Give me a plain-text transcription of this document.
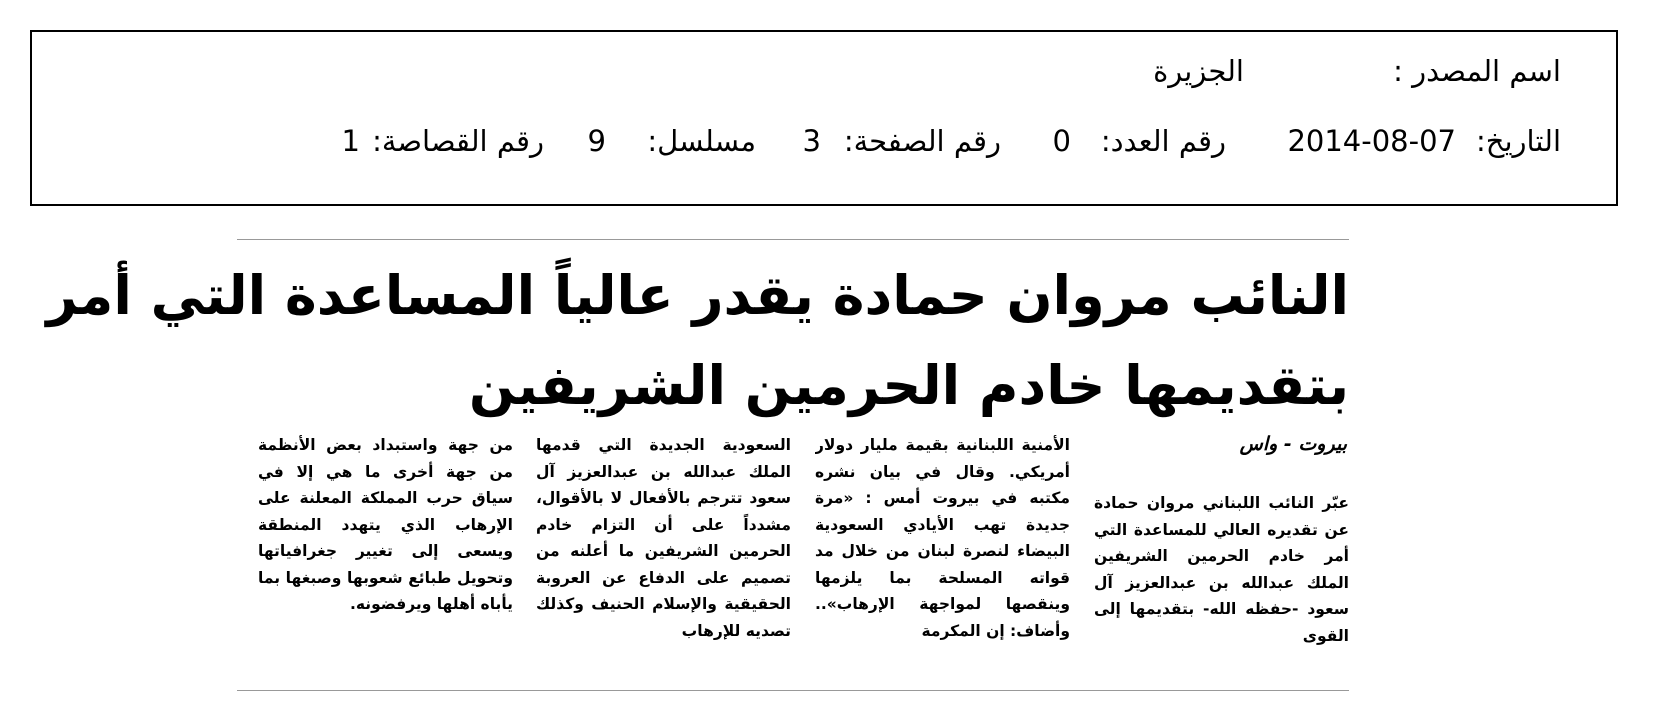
اسم المصدر :
الجزيرة
التاريخ:
2014-08-07
رقم العدد:
0
رقم الصفحة:
3
مسلسل:
9
رقم القصاصة:
1
النائب مروان حمادة يقدر عالياً المساعدة التي أمر
بتقديمها خادم الحرمين الشريفين
بيروت - واس
عبّر النائب اللبناني مروان حمادة عن تقديره العالي للمساعدة التي أمر خادم الحرمين الشريفين الملك عبدالله بن عبدالعزيز آل سعود -حفظه الله- بتقديمها إلى القوى
الأمنية اللبنانية بقيمة مليار دولار أمريكي. وقال في بيان نشره مكتبه في بيروت أمس : «مرة جديدة تهب الأيادي السعودية البيضاء لنصرة لبنان من خلال مد قواته المسلحة بما يلزمها وينقصها لمواجهة الإرهاب».. وأضاف: إن المكرمة
السعودية الجديدة التي قدمها الملك عبدالله بن عبدالعزيز آل سعود تترجم بالأفعال لا بالأقوال، مشدداً على أن التزام خادم الحرمين الشريفين ما أعلنه من تصميم على الدفاع عن العروبة الحقيقية والإسلام الحنيف وكذلك تصديه للإرهاب
من جهة واستبداد بعض الأنظمة من جهة أخرى ما هي إلا في سياق حرب المملكة المعلنة على الإرهاب الذي يتهدد المنطقة ويسعى إلى تغيير جغرافياتها وتحويل طبائع شعوبها وصبغها بما يأباه أهلها ويرفضونه.
